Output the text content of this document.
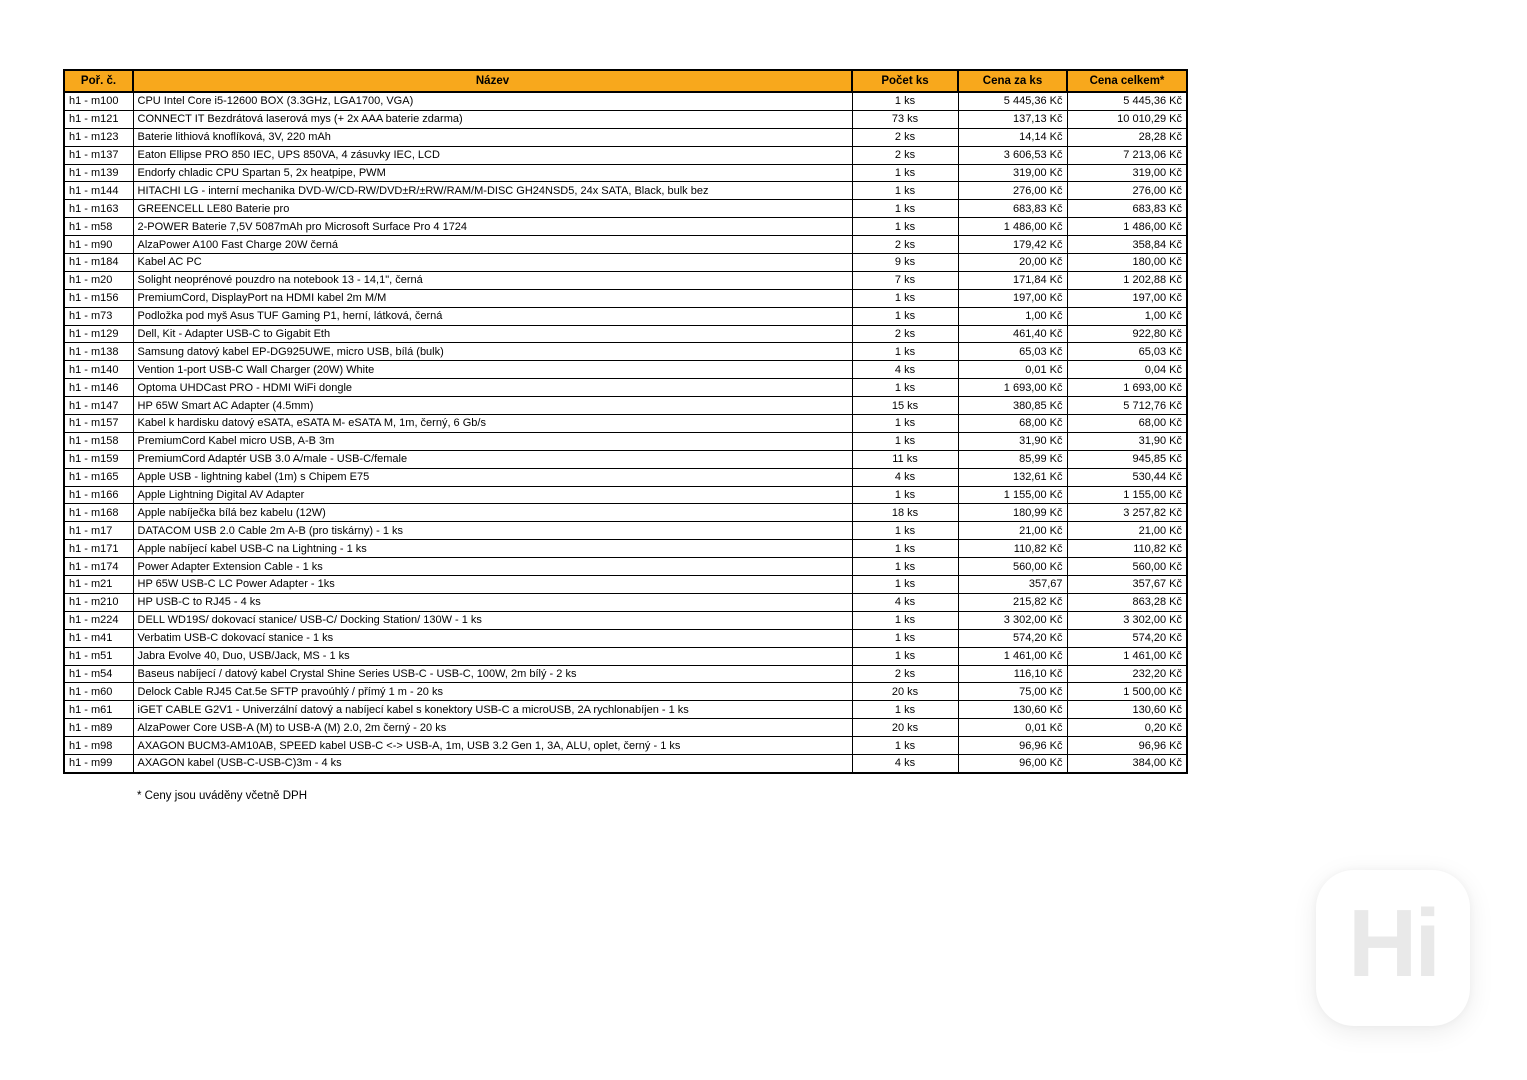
Poř. č.	Název	Počet ks	Cena za ks	Cena celkem*
h1 - m100	CPU Intel Core i5-12600 BOX (3.3GHz, LGA1700, VGA)	1 ks	5 445,36 Kč	5 445,36 Kč
h1 - m121	CONNECT IT Bezdrátová laserová mys (+ 2x AAA baterie zdarma)	73 ks	137,13 Kč	10 010,29 Kč
h1 - m123	Baterie lithiová knoflíková, 3V, 220 mAh	2 ks	14,14 Kč	28,28 Kč
h1 - m137	Eaton Ellipse PRO 850 IEC, UPS 850VA, 4 zásuvky IEC, LCD	2 ks	3 606,53 Kč	7 213,06 Kč
h1 - m139	Endorfy chladic CPU Spartan 5, 2x heatpipe, PWM	1 ks	319,00 Kč	319,00 Kč
h1 - m144	HITACHI LG - interní mechanika DVD-W/CD-RW/DVD±R/±RW/RAM/M-DISC GH24NSD5, 24x SATA, Black, bulk bez	1 ks	276,00 Kč	276,00 Kč
h1 - m163	GREENCELL LE80 Baterie pro	1 ks	683,83 Kč	683,83 Kč
h1 - m58	2-POWER Baterie 7,5V 5087mAh pro Microsoft Surface Pro 4 1724	1 ks	1 486,00 Kč	1 486,00 Kč
h1 - m90	AlzaPower A100 Fast Charge 20W černá	2 ks	179,42 Kč	358,84 Kč
h1 - m184	Kabel AC PC	9 ks	20,00 Kč	180,00 Kč
h1 - m20	Solight neoprénové pouzdro na notebook 13 - 14,1", černá	7 ks	171,84 Kč	1 202,88 Kč
h1 - m156	PremiumCord, DisplayPort na HDMI kabel 2m M/M	1 ks	197,00 Kč	197,00 Kč
h1 - m73	Podložka pod myš Asus TUF Gaming P1, herní, látková, černá	1 ks	1,00 Kč	1,00 Kč
h1 - m129	Dell, Kit - Adapter USB-C to Gigabit Eth	2 ks	461,40 Kč	922,80 Kč
h1 - m138	Samsung datový kabel EP-DG925UWE, micro USB, bílá (bulk)	1 ks	65,03 Kč	65,03 Kč
h1 - m140	Vention 1-port USB-C Wall Charger (20W) White	4 ks	0,01 Kč	0,04 Kč
h1 - m146	Optoma UHDCast PRO - HDMI WiFi dongle	1 ks	1 693,00 Kč	1 693,00 Kč
h1 - m147	HP 65W Smart AC Adapter (4.5mm)	15 ks	380,85 Kč	5 712,76 Kč
h1 - m157	Kabel k hardisku datový eSATA, eSATA M- eSATA M, 1m, černý, 6 Gb/s	1 ks	68,00 Kč	68,00 Kč
h1 - m158	PremiumCord Kabel micro USB, A-B 3m	1 ks	31,90 Kč	31,90 Kč
h1 - m159	PremiumCord Adaptér USB 3.0 A/male - USB-C/female	11 ks	85,99 Kč	945,85 Kč
h1 - m165	Apple USB - lightning kabel (1m) s Chipem E75	4 ks	132,61 Kč	530,44 Kč
h1 - m166	Apple Lightning Digital AV Adapter	1 ks	1 155,00 Kč	1 155,00 Kč
h1 - m168	Apple nabíječka bílá bez kabelu (12W)	18 ks	180,99 Kč	3 257,82 Kč
h1 - m17	DATACOM USB 2.0 Cable 2m A-B (pro tiskárny) - 1 ks	1 ks	21,00 Kč	21,00 Kč
h1 - m171	Apple nabíjecí kabel USB-C na Lightning - 1 ks	1 ks	110,82 Kč	110,82 Kč
h1 - m174	Power Adapter Extension Cable - 1 ks	1 ks	560,00 Kč	560,00 Kč
h1 - m21	HP 65W USB-C LC Power Adapter - 1ks	1 ks	357,67	357,67 Kč
h1 - m210	HP USB-C to RJ45 - 4 ks	4 ks	215,82 Kč	863,28 Kč
h1 - m224	DELL WD19S/ dokovací stanice/ USB-C/ Docking Station/ 130W - 1 ks	1 ks	3 302,00 Kč	3 302,00 Kč
h1 - m41	Verbatim USB-C dokovací stanice - 1 ks	1 ks	574,20 Kč	574,20 Kč
h1 - m51	Jabra Evolve 40, Duo, USB/Jack, MS - 1 ks	1 ks	1 461,00 Kč	1 461,00 Kč
h1 - m54	Baseus nabíjecí / datový kabel Crystal Shine Series USB-C - USB-C, 100W, 2m bílý - 2 ks	2 ks	116,10 Kč	232,20 Kč
h1 - m60	Delock Cable RJ45 Cat.5e SFTP pravoúhlý / přímý 1 m - 20 ks	20 ks	75,00 Kč	1 500,00 Kč
h1 - m61	iGET CABLE G2V1 - Univerzální datový a nabíjecí kabel s konektory USB-C a microUSB, 2A rychlonabíjen - 1 ks	1 ks	130,60 Kč	130,60 Kč
h1 - m89	AlzaPower Core USB-A (M) to USB-A (M) 2.0, 2m černý - 20 ks	20 ks	0,01 Kč	0,20 Kč
h1 - m98	AXAGON BUCM3-AM10AB, SPEED kabel USB-C <-> USB-A, 1m, USB 3.2 Gen 1, 3A, ALU, oplet, černý - 1 ks	1 ks	96,96 Kč	96,96 Kč
h1 - m99	AXAGON kabel (USB-C-USB-C)3m - 4 ks	4 ks	96,00 Kč	384,00 Kč
* Ceny jsou uváděny včetně DPH
Hi
